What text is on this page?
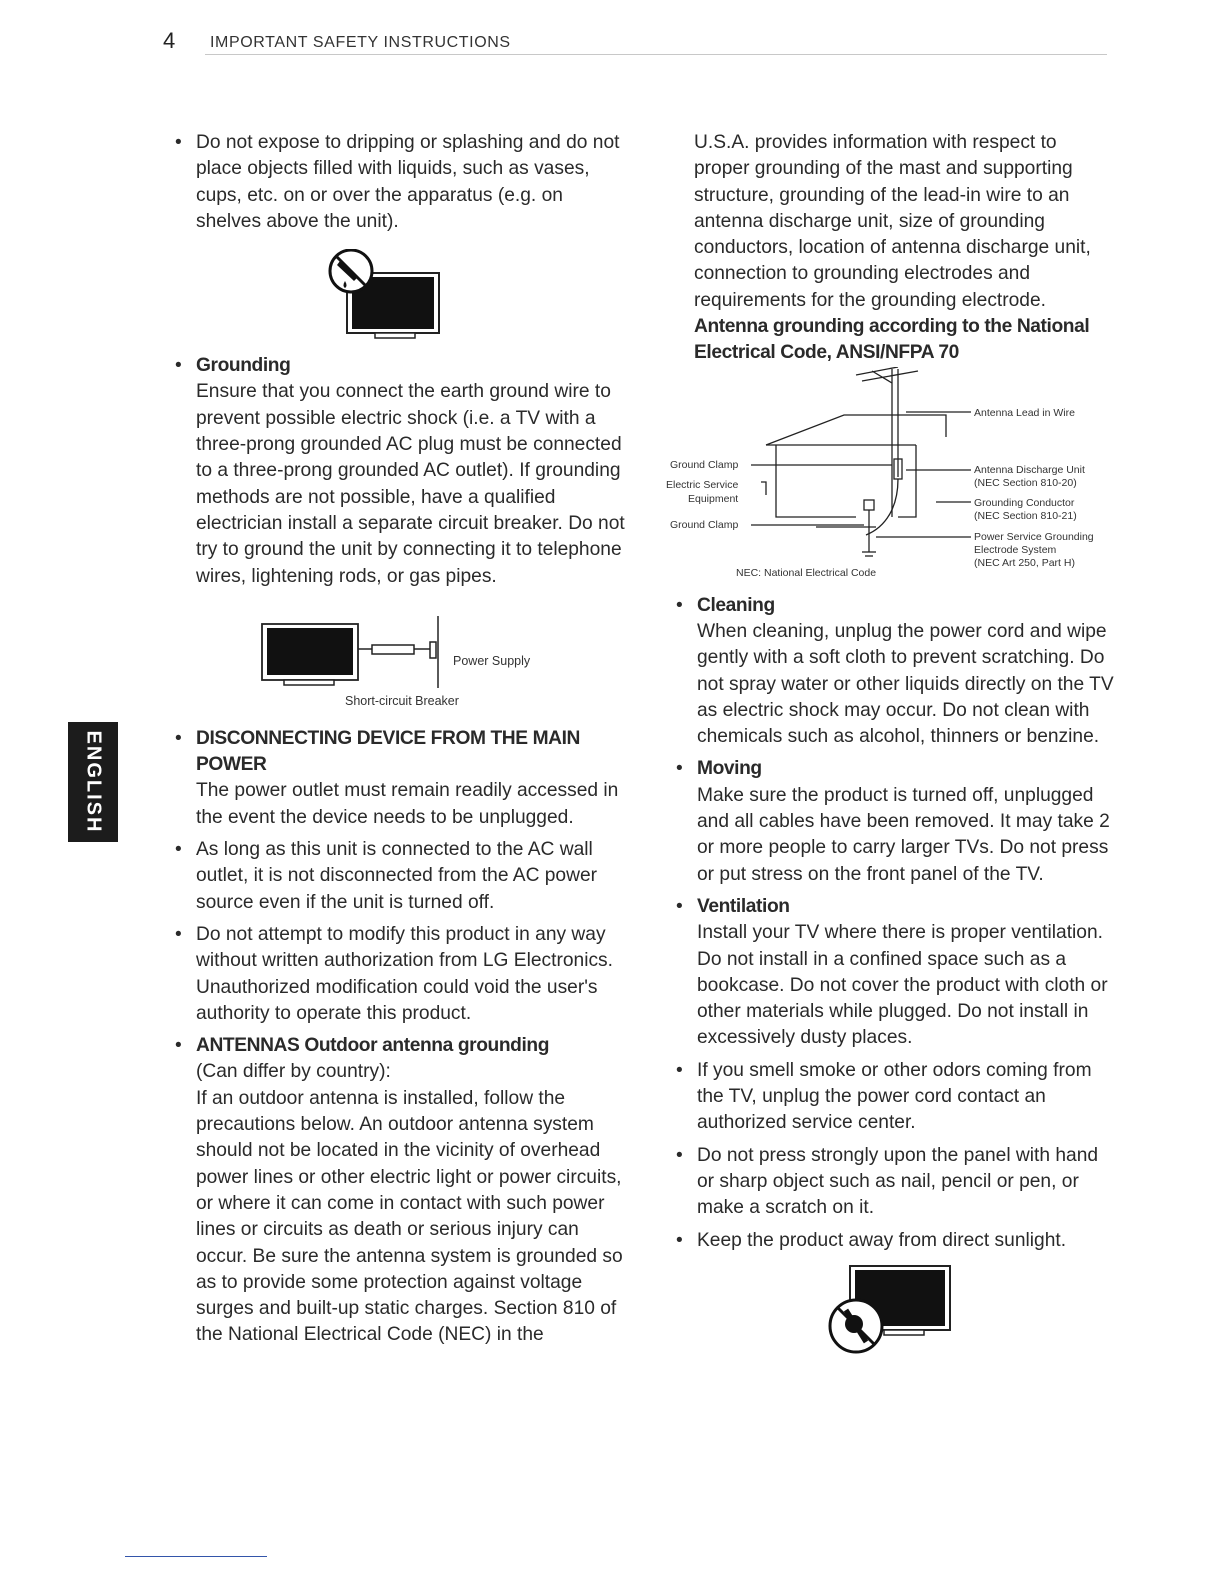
4 IMPORTANT SAFETY INSTRUCTIONS
ENGLISH
• Do not expose to dripping or splashing and do not place objects filled with liquids, such as vases, cups, etc. on or over the apparatus (e.g. on shelves above the unit).
• Grounding
Ensure that you connect the earth ground wire to prevent possible electric shock (i.e. a TV with a three-prong grounded AC plug must be connected to a three-prong grounded AC outlet). If grounding methods are not possible, have a qualified electrician install a separate circuit breaker. Do not try to ground the unit by connecting it to telephone wires, lightening rods, or gas pipes.
Power Supply
Short-circuit Breaker
• DISCONNECTING DEVICE FROM THE MAIN POWER
The power outlet must remain readily accessed in the event the device needs to be unplugged.
• As long as this unit is connected to the AC wall outlet, it is not disconnected from the AC power source even if the unit is turned off.
• Do not attempt to modify this product in any way without written authorization from LG Electronics. Unauthorized modification could void the user's authority to operate this product.
• ANTENNAS Outdoor antenna grounding
(Can differ by country):
If an outdoor antenna is installed, follow the precautions below. An outdoor antenna system should not be located in the vicinity of overhead power lines or other electric light or power circuits, or where it can come in contact with such power lines or circuits as death or serious injury can occur. Be sure the antenna system is grounded so as to provide some protection against voltage surges and built-up static charges. Section 810 of the National Electrical Code (NEC) in the
U.S.A. provides information with respect to proper grounding of the mast and supporting structure, grounding of the lead-in wire to an antenna discharge unit, size of grounding conductors, location of antenna discharge unit, connection to grounding electrodes and requirements for the grounding electrode.
Antenna grounding according to the National Electrical Code, ANSI/NFPA 70
Antenna Lead in Wire
Ground Clamp
Electric Service
Equipment
Ground Clamp
Antenna Discharge Unit
(NEC Section 810-20)
Grounding Conductor
(NEC Section 810-21)
Power Service Grounding
Electrode System
(NEC Art 250, Part H)
NEC: National Electrical Code
• Cleaning
When cleaning, unplug the power cord and wipe gently with a soft cloth to prevent scratching. Do not spray water or other liquids directly on the TV as electric shock may occur. Do not clean with chemicals such as alcohol, thinners or benzine.
• Moving
Make sure the product is turned off, unplugged and all cables have been removed. It may take 2 or more people to carry larger TVs. Do not press or put stress on the front panel of the TV.
• Ventilation
Install your TV where there is proper ventilation. Do not install in a confined space such as a bookcase. Do not cover the product with cloth or other materials while plugged. Do not install in excessively dusty places.
• If you smell smoke or other odors coming from the TV, unplug the power cord contact an authorized service center.
• Do not press strongly upon the panel with hand or sharp object such as nail, pencil or pen, or make a scratch on it.
• Keep the product away from direct sunlight.
